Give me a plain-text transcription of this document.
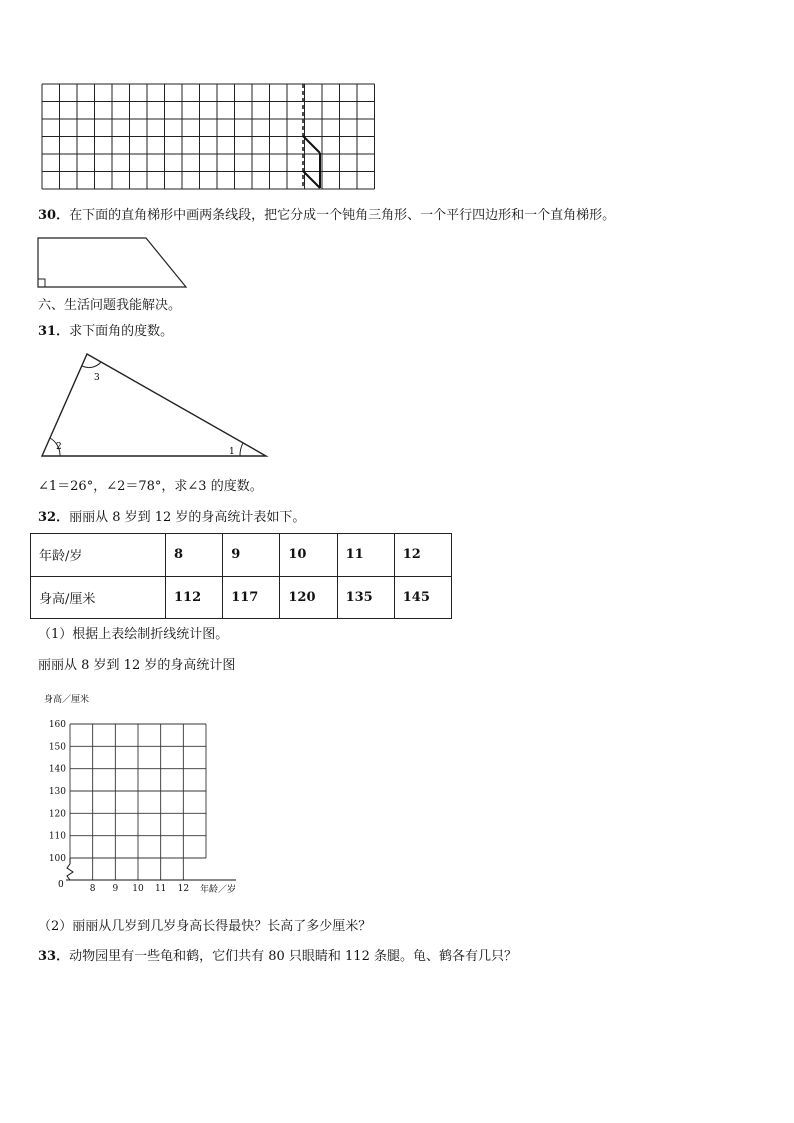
30．在下面的直角梯形中画两条线段，把它分成一个钝角三角形、一个平行四边形和一个直角梯形。
六、生活问题我能解决。
31．求下面角的度数。
1
2
3
∠1＝26°，∠2＝78°，求∠3 的度数。
32．丽丽从 8 岁到 12 岁的身高统计表如下。
年龄/岁	8	9	10	11	12
身高/厘米	112	117	120	135	145
（1）根据上表绘制折线统计图。
丽丽从 8 岁到 12 岁的身高统计图
身高／厘米
100
110
120
130
140
150
160
8 9 10 11 12 年龄／岁
0
（2）丽丽从几岁到几岁身高长得最快？长高了多少厘米？
33．动物园里有一些龟和鹤，它们共有 80 只眼睛和 112 条腿。龟、鹤各有几只？
